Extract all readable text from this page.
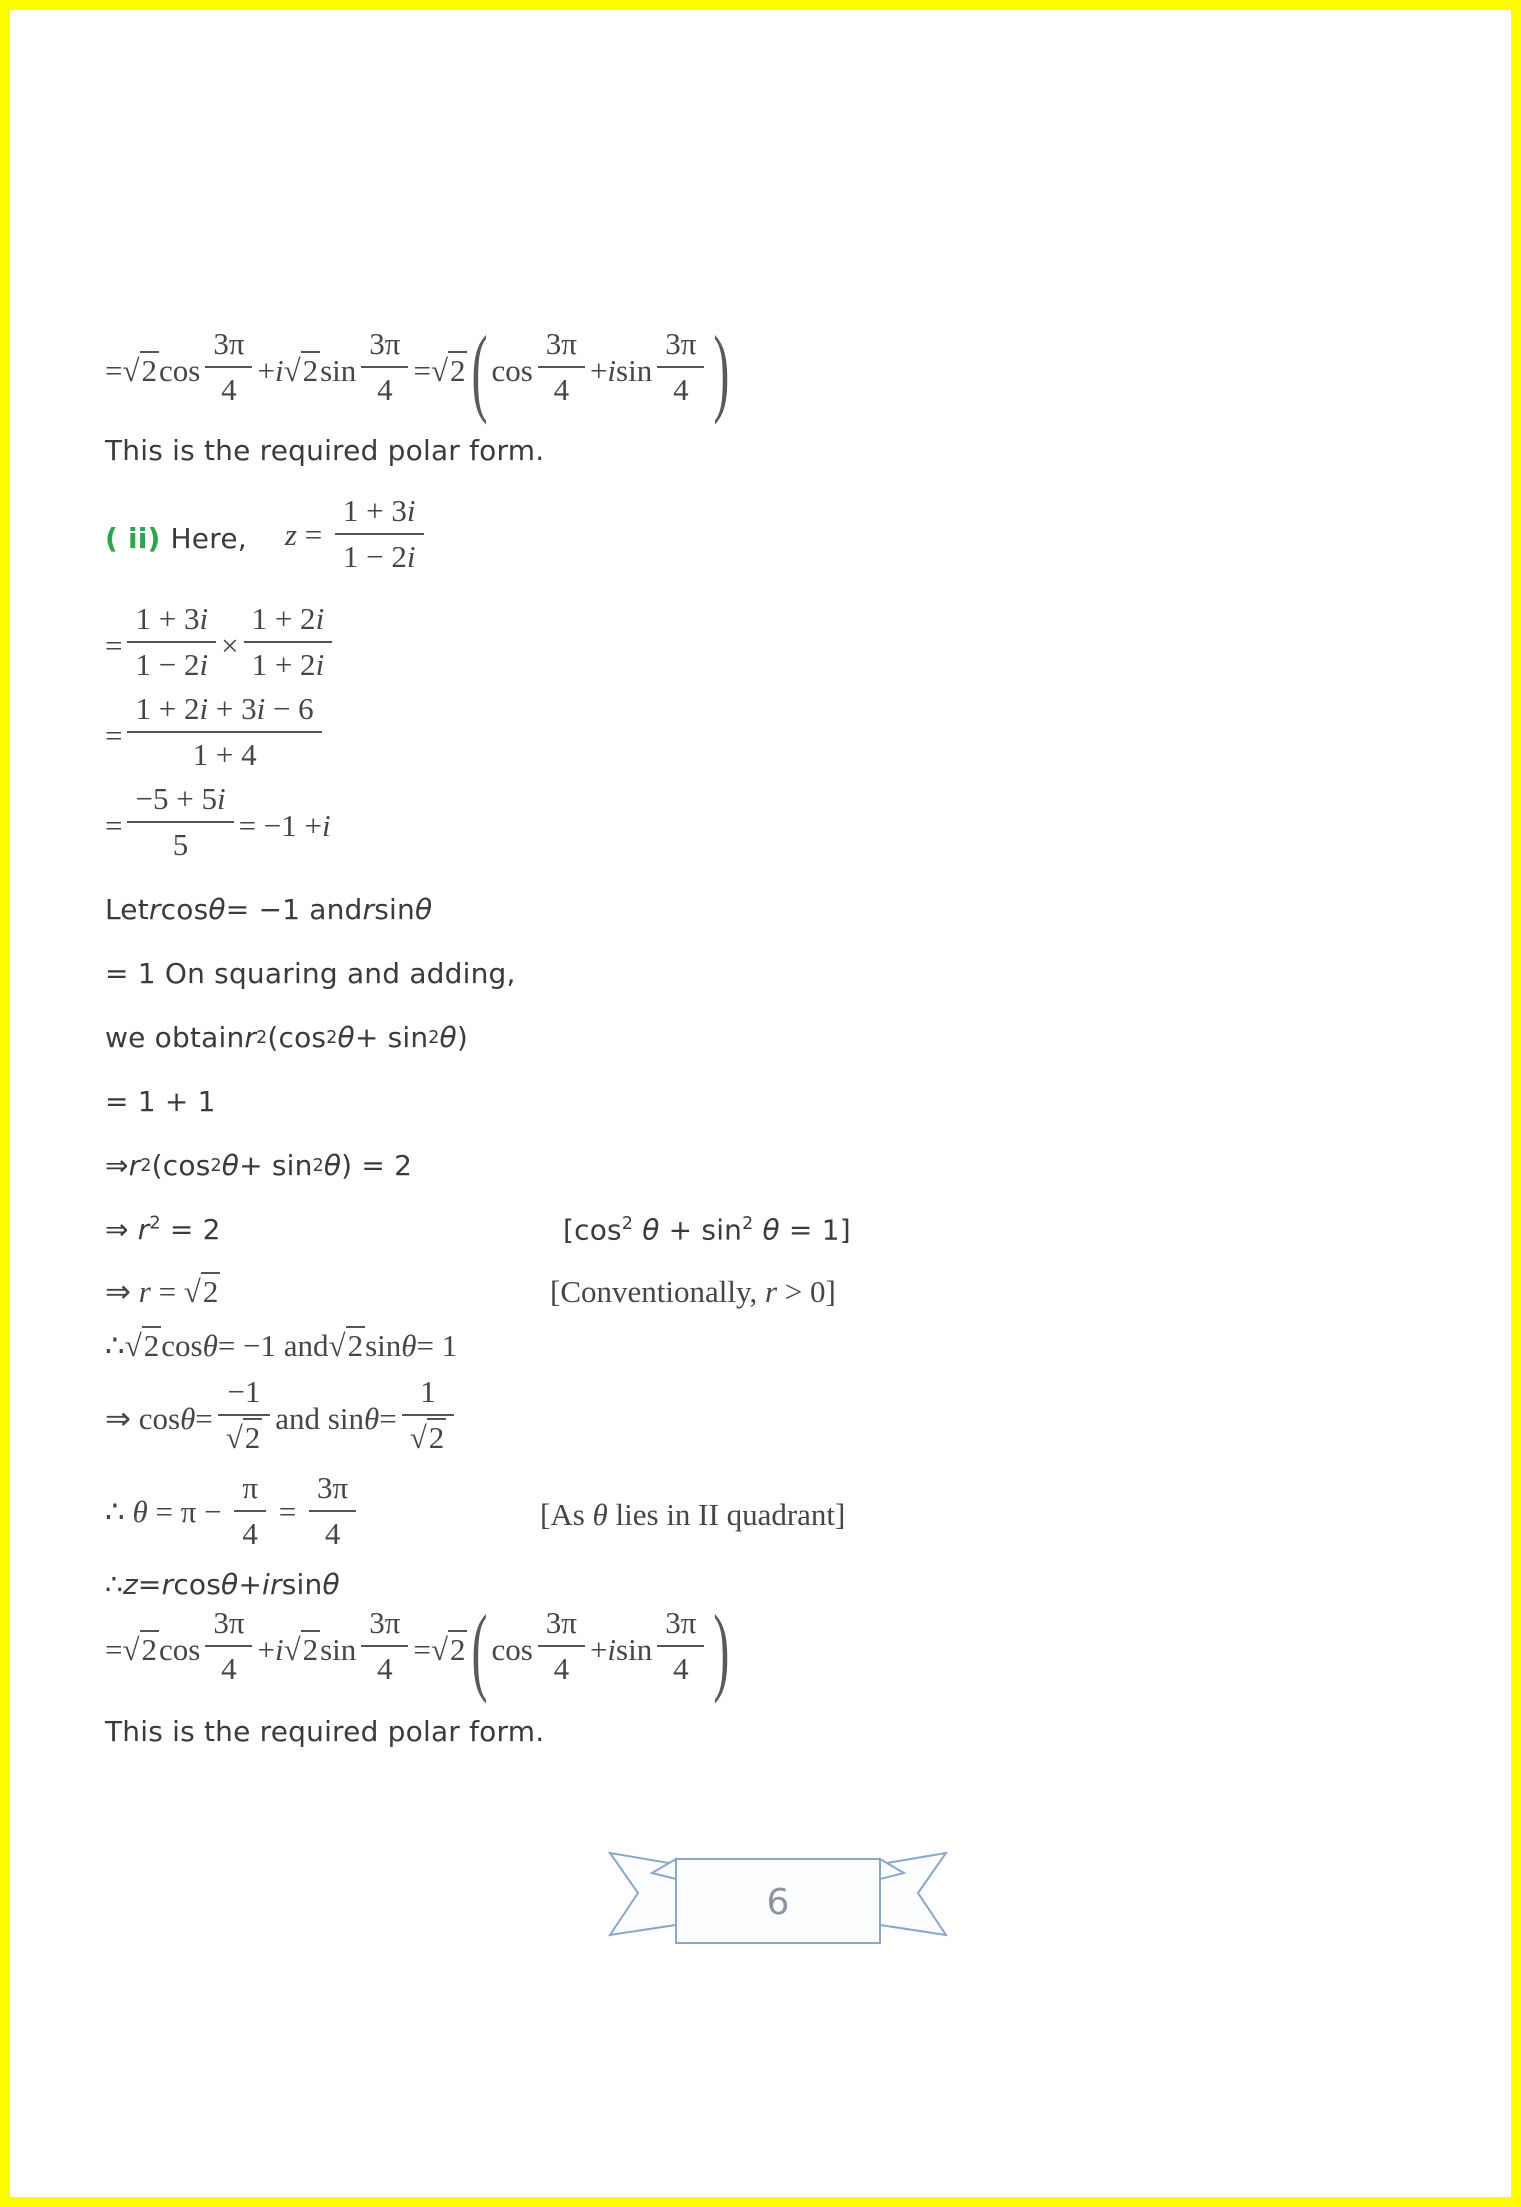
= √2 $\cos \frac{3\pi}{4} + i$ √2 $\sin \frac{3\pi}{4} = √2$ ( $\cos \frac{3\pi}{4} + i$ $\sin \frac{3\pi}{4}$ )
This is the required polar form.
( ii) Here, $z = \frac{1 + 3i}{1 - 2i}$
= $\frac{1 + 3i}{1 - 2i} \times \frac{1 + 2i}{1 + 2i}$
= $\frac{1 + 2i + 3i - 6}{1 + 4}$
= $\frac{-5 + 5i}{5} = -1 + i$
Let r cos θ = −1 and r sin θ
= 1 On squaring and adding,
we obtain r 2 (cos 2 θ + sin 2 θ )
= 1 + 1
⇒ r 2 (cos 2 θ + sin 2 θ ) = 2
⇒ $r^2 = 2$	[$\cos^2$ $\theta + \sin^2 \theta = 1$]
⇒ r = √2	[Conventionally, r > 0]
∴ √2 cos θ = −1 and √2 sin θ = 1
⇒ $\cos \theta = \frac{-1}{√2}$ and $\sin \theta = \frac{1}{√2}$
∴ $\theta = \pi - \frac{\pi}{4} = \frac{3\pi}{4}$	[As θ lies in II quadrant]
∴ z = r cos θ + i r sin θ
= √2 $\cos \frac{3\pi}{4} + i$ √2 $\sin \frac{3\pi}{4} = √2$ ( $\cos \frac{3\pi}{4} + i$ $\sin \frac{3\pi}{4}$ )
This is the required polar form.
6
